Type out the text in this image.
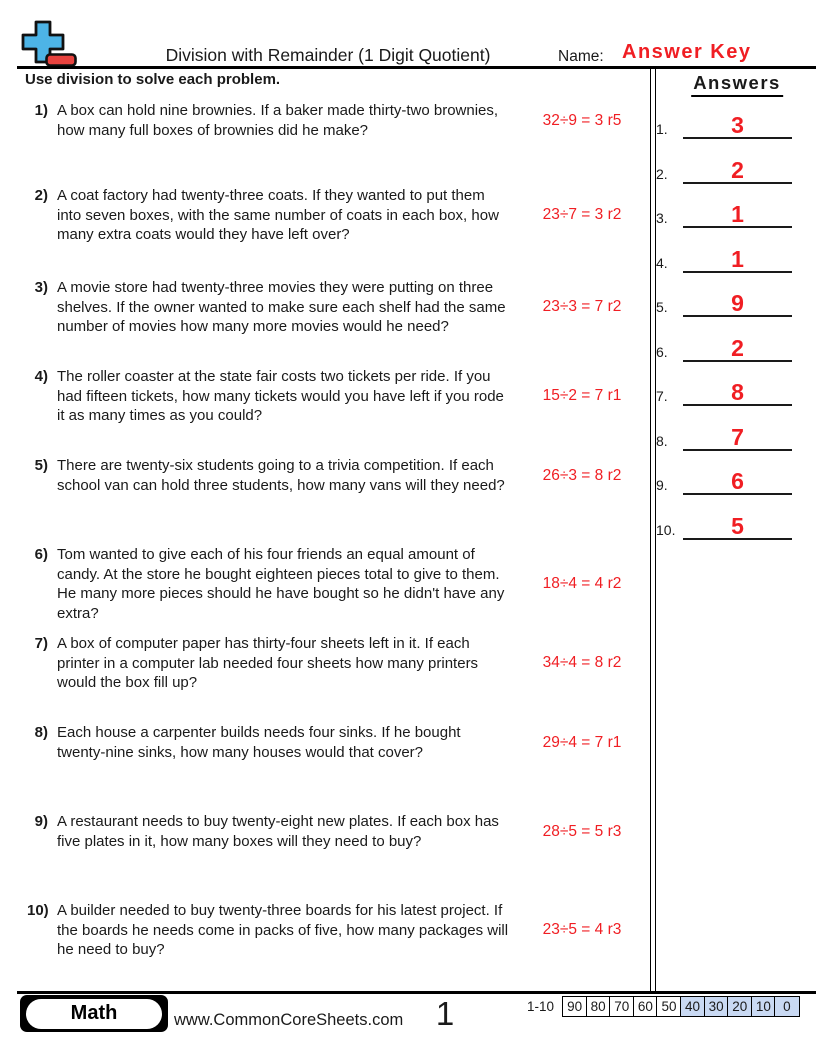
Division with Remainder (1 Digit Quotient)	Name: Answer Key
Use division to solve each problem.	Answers
1.	3
2.	2
3.	1
4.	1
5.	9
6.	2
7.	8
8.	7
9.	6
10.	5
1) A box can hold nine brownies. If a baker made thirty-two brownies, how many full boxes of brownies did he make?

32÷9 = 3 r5
2) A coat factory had twenty-three coats. If they wanted to put them into seven boxes, with the same number of coats in each box, how many extra coats would they have left over?

23÷7 = 3 r2
3) A movie store had twenty-three movies they were putting on three shelves. If the owner wanted to make sure each shelf had the same number of movies how many more movies would he need?

23÷3 = 7 r2
4) The roller coaster at the state fair costs two tickets per ride. If you had fifteen tickets, how many tickets would you have left if you rode it as many times as you could?

15÷2 = 7 r1
5) There are twenty-six students going to a trivia competition. If each school van can hold three students, how many vans will they need?

26÷3 = 8 r2
6) Tom wanted to give each of his four friends an equal amount of candy. At the store he bought eighteen pieces total to give to them. He many more pieces should he have bought so he didn't have any extra?

18÷4 = 4 r2
7) A box of computer paper has thirty-four sheets left in it. If each printer in a computer lab needed four sheets how many printers would the box fill up?

34÷4 = 8 r2
8) Each house a carpenter builds needs four sinks. If he bought twenty-nine sinks, how many houses would that cover?

29÷4 = 7 r1
9) A restaurant needs to buy twenty-eight new plates. If each box has five plates in it, how many boxes will they need to buy?

28÷5 = 5 r3
10) A builder needed to buy twenty-three boards for his latest project. If the boards he needs come in packs of five, how many packages will he need to buy?

23÷5 = 4 r3
Math	www.CommonCoreSheets.com 1	1-10 90 80 70 60 50 40 30 20 10 0
